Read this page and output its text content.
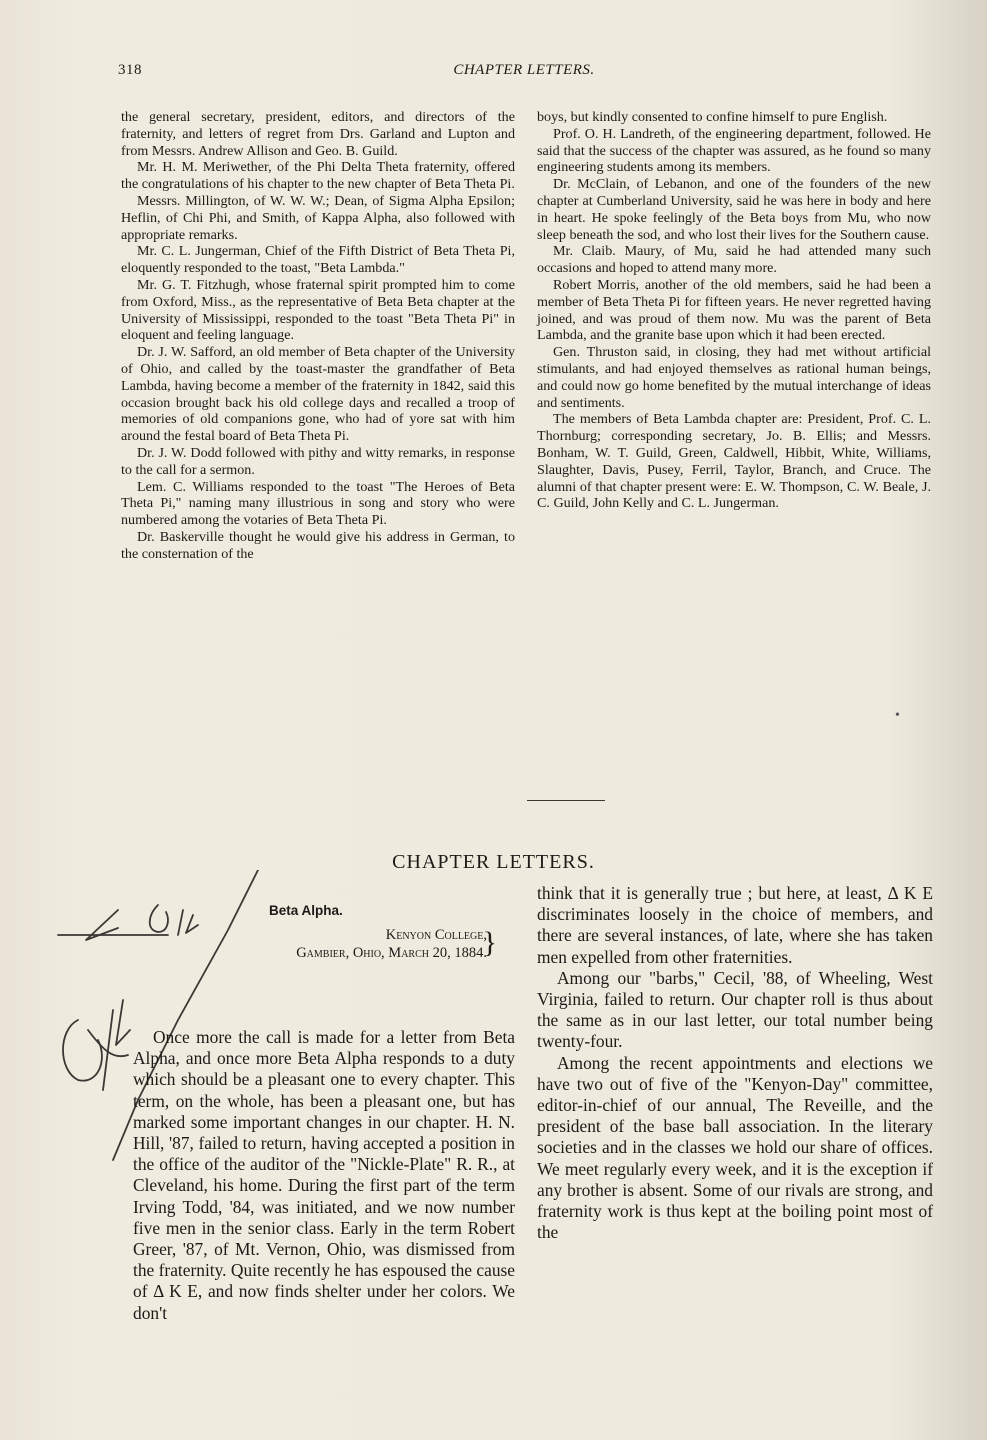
318	CHAPTER LETTERS.

the general secretary, president, editors, and directors of the fraternity, and letters of regret from Drs. Garland and Lupton and from Messrs. Andrew Allison and Geo. B. Guild.

Mr. H. M. Meriwether, of the Phi Delta Theta fraternity, offered the congratulations of his chapter to the new chapter of Beta Theta Pi.

Messrs. Millington, of W. W. W.; Dean, of Sigma Alpha Epsilon; Heflin, of Chi Phi, and Smith, of Kappa Alpha, also followed with appropriate remarks.

Mr. C. L. Jungerman, Chief of the Fifth District of Beta Theta Pi, eloquently responded to the toast, "Beta Lambda."

Mr. G. T. Fitzhugh, whose fraternal spirit prompted him to come from Oxford, Miss., as the representative of Beta Beta chapter at the University of Mississippi, responded to the toast "Beta Theta Pi" in eloquent and feeling language.

Dr. J. W. Safford, an old member of Beta chapter of the University of Ohio, and called by the toast-master the grandfather of Beta Lambda, having become a member of the fraternity in 1842, said this occasion brought back his old college days and recalled a troop of memories of old companions gone, who had of yore sat with him around the festal board of Beta Theta Pi.

Dr. J. W. Dodd followed with pithy and witty remarks, in response to the call for a sermon.

Lem. C. Williams responded to the toast "The Heroes of Beta Theta Pi," naming many illustrious in song and story who were numbered among the votaries of Beta Theta Pi.

Dr. Baskerville thought he would give his address in German, to the consternation of the

boys, but kindly consented to confine himself to pure English.

Prof. O. H. Landreth, of the engineering department, followed. He said that the success of the chapter was assured, as he found so many engineering students among its members.

Dr. McClain, of Lebanon, and one of the founders of the new chapter at Cumberland University, said he was here in body and here in heart. He spoke feelingly of the Beta boys from Mu, who now sleep beneath the sod, and who lost their lives for the Southern cause.

Mr. Claib. Maury, of Mu, said he had attended many such occasions and hoped to attend many more.

Robert Morris, another of the old members, said he had been a member of Beta Theta Pi for fifteen years. He never regretted having joined, and was proud of them now. Mu was the parent of Beta Lambda, and the granite base upon which it had been erected.

Gen. Thruston said, in closing, they had met without artificial stimulants, and had enjoyed themselves as rational human beings, and could now go home benefited by the mutual interchange of ideas and sentiments.

The members of Beta Lambda chapter are: President, Prof. C. L. Thornburg; corresponding secretary, Jo. B. Ellis; and Messrs. Bonham, W. T. Guild, Green, Caldwell, Hibbit, White, Williams, Slaughter, Davis, Pusey, Ferril, Taylor, Branch, and Cruce. The alumni of that chapter present were: E. W. Thompson, C. W. Beale, J. C. Guild, John Kelly and C. L. Jungerman.

•
CHAPTER LETTERS.
Beta Alpha.
Kenyon College,
Gambier, Ohio, March 20, 1884.
}

Once more the call is made for a letter from Beta Alpha, and once more Beta Alpha responds to a duty which should be a pleasant one to every chapter. This term, on the whole, has been a pleasant one, but has marked some important changes in our chapter. H. N. Hill, '87, failed to return, having accepted a position in the office of the auditor of the "Nickle-Plate" R. R., at Cleveland, his home. During the first part of the term Irving Todd, '84, was initiated, and we now number five men in the senior class. Early in the term Robert Greer, '87, of Mt. Vernon, Ohio, was dismissed from the fraternity. Quite recently he has espoused the cause of Δ K E, and now finds shelter under her colors. We don't

think that it is generally true ; but here, at least, Δ K E discriminates loosely in the choice of members, and there are several instances, of late, where she has taken men expelled from other fraternities.

Among our "barbs," Cecil, '88, of Wheeling, West Virginia, failed to return. Our chapter roll is thus about the same as in our last letter, our total number being twenty-four.

Among the recent appointments and elections we have two out of five of the "Kenyon-Day" committee, editor-in-chief of our annual, The Reveille, and the president of the base ball association. In the literary societies and in the classes we hold our share of offices. We meet regularly every week, and it is the exception if any brother is absent. Some of our rivals are strong, and fraternity work is thus kept at the boiling point most of the
